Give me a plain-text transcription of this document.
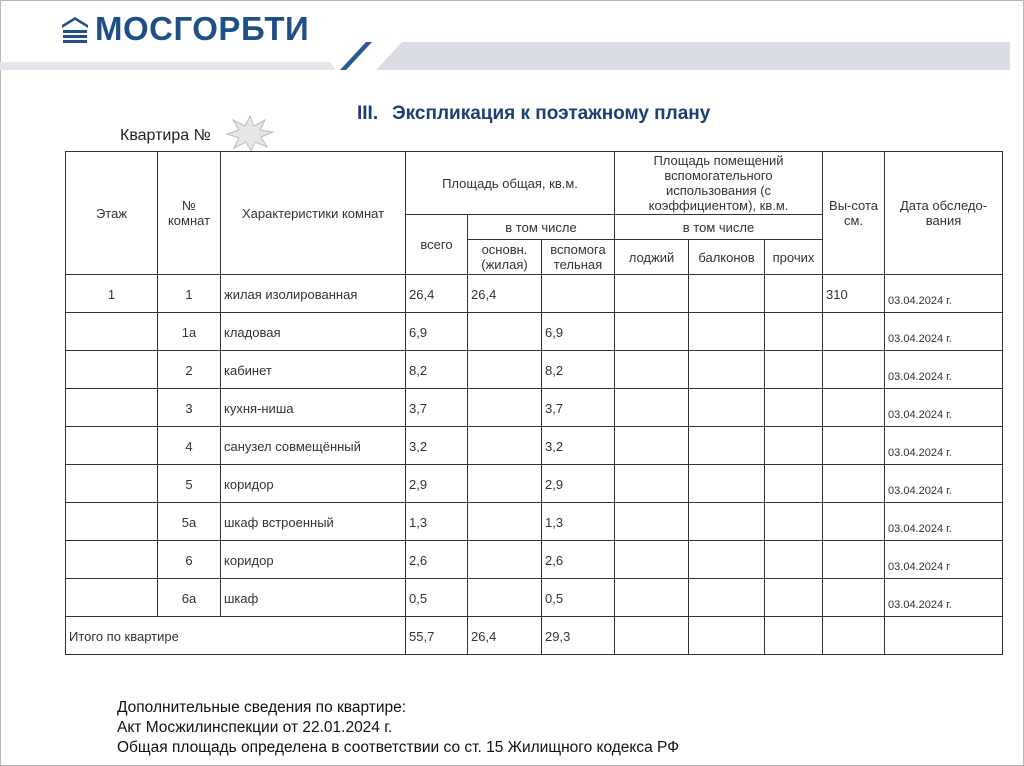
МОСГОРБТИ
III. Экспликация к поэтажному плану
Квартира №
Этаж	№ комнат	Характеристики комнат	Площадь общая, кв.м.			Площадь помещений вспомогательного использования (с коэффициентом), кв.м.			Вы-сота см.	Дата обследо-вания
			всего	в том числе		в том числе				
				основн. (жилая)	вспомога тельная	лоджий	балконов	прочих		
1	1	жилая изолированная	26,4	26,4					310	03.04.2024 г.
	1а	кладовая	6,9		6,9					03.04.2024 г.
	2	кабинет	8,2		8,2					03.04.2024 г.
	3	кухня-ниша	3,7		3,7					03.04.2024 г.
	4	санузел совмещённый	3,2		3,2					03.04.2024 г.
	5	коридор	2,9		2,9					03.04.2024 г.
	5а	шкаф встроенный	1,3		1,3					03.04.2024 г.
	6	коридор	2,6		2,6					03.04.2024 г
	6а	шкаф	0,5		0,5					03.04.2024 г.
Итого по квартире			55,7	26,4	29,3					
Дополнительные сведения по квартире:
Акт Мосжилинспекции от 22.01.2024 г.
Общая площадь определена в соответствии со ст. 15 Жилищного кодекса РФ
